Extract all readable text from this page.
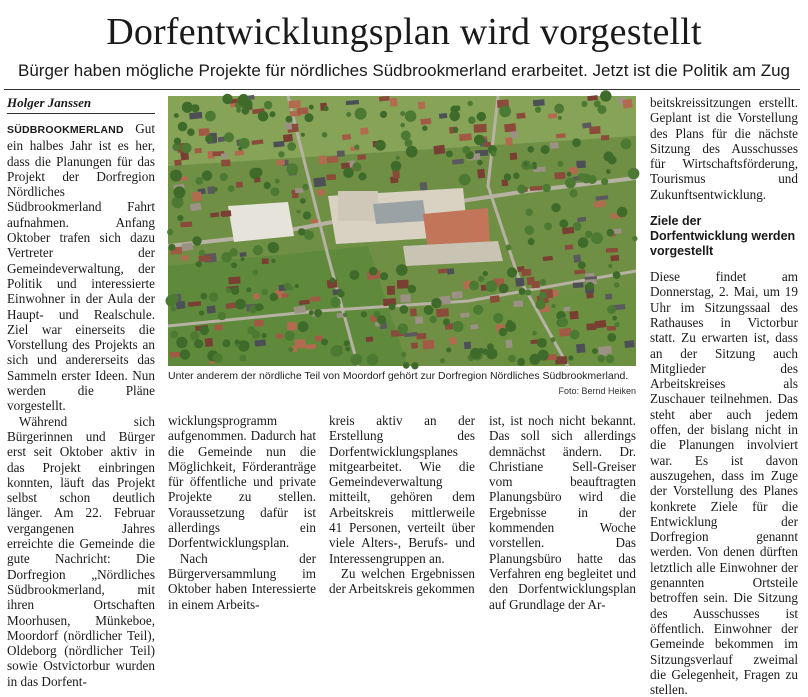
Dorfentwicklungsplan wird vorgestellt

Bürger haben mögliche Projekte für nördliches Südbrookmerland erarbeitet. Jetzt ist die Politik am Zug

Holger Janssen

SÜDBROOKMERLAND Gut ein halbes Jahr ist es her, dass die Planungen für das Projekt der Dorfregion Nördliches Südbrookmerland Fahrt aufnahmen. Anfang Oktober trafen sich dazu Vertreter der Gemeindeverwaltung, der Politik und interessierte Einwohner in der Aula der Haupt- und Realschule. Ziel war einerseits die Vorstellung des Projekts an sich und andererseits das Sammeln erster Ideen. Nun werden die Pläne vorgestellt.

Während sich Bürgerinnen und Bürger erst seit Oktober aktiv in das Projekt einbringen konnten, läuft das Projekt selbst schon deutlich länger. Am 22. Februar vergangenen Jahres erreichte die Gemeinde die gute Nachricht: Die Dorfregion „Nördliches Südbrookmerland, mit ihren Ortschaften Moorhusen, Münkeboe, Moordorf (nördlicher Teil), Oldeborg (nördlicher Teil) sowie Ostvictorbur wurden in das Dorfent-

Unter anderem der nördliche Teil von Moordorf gehört zur Dorfregion Nördliches Südbrookmerland.
Foto: Bernd Heiken

wicklungsprogramm aufgenommen. Dadurch hat die Gemeinde nun die Möglichkeit, Förderanträge für öffentliche und private Projekte zu stellen. Voraussetzung dafür ist allerdings ein Dorfentwicklungsplan.

Nach der Bürgerversammlung im Oktober haben Interessierte in einem Arbeits-

kreis aktiv an der Erstellung des Dorfentwicklungsplanes mitgearbeitet. Wie die Gemeindeverwaltung mitteilt, gehören dem Arbeitskreis mittlerweile 41 Personen, verteilt über viele Alters-, Berufs- und Interessengruppen an.

Zu welchen Ergebnissen der Arbeitskreis gekommen

ist, ist noch nicht bekannt. Das soll sich allerdings demnächst ändern. Dr. Christiane Sell-Greiser vom beauftragten Planungsbüro wird die Ergebnisse in der kommenden Woche vorstellen. Das Planungsbüro hatte das Verfahren eng begleitet und den Dorfentwicklungsplan auf Grundlage der Ar-

beitskreissitzungen erstellt. Geplant ist die Vorstellung des Plans für die nächste Sitzung des Ausschusses für Wirtschaftsförderung, Tourismus und Zukunftsentwicklung.

Ziele der Dorfentwicklung werden vorgestellt

Diese findet am Donnerstag, 2. Mai, um 19 Uhr im Sitzungssaal des Rathauses in Victorbur statt. Zu erwarten ist, dass an der Sitzung auch Mitglieder des Arbeitskreises als Zuschauer teilnehmen. Das steht aber auch jedem offen, der bislang nicht in die Planungen involviert war. Es ist davon auszugehen, dass im Zuge der Vorstellung des Planes konkrete Ziele für die Entwicklung der Dorfregion genannt werden. Von denen dürften letztlich alle Einwohner der genannten Ortsteile betroffen sein. Die Sitzung des Ausschusses ist öffentlich. Einwohner der Gemeinde bekommen im Sitzungsverlauf zweimal die Gelegenheit, Fragen zu stellen.
